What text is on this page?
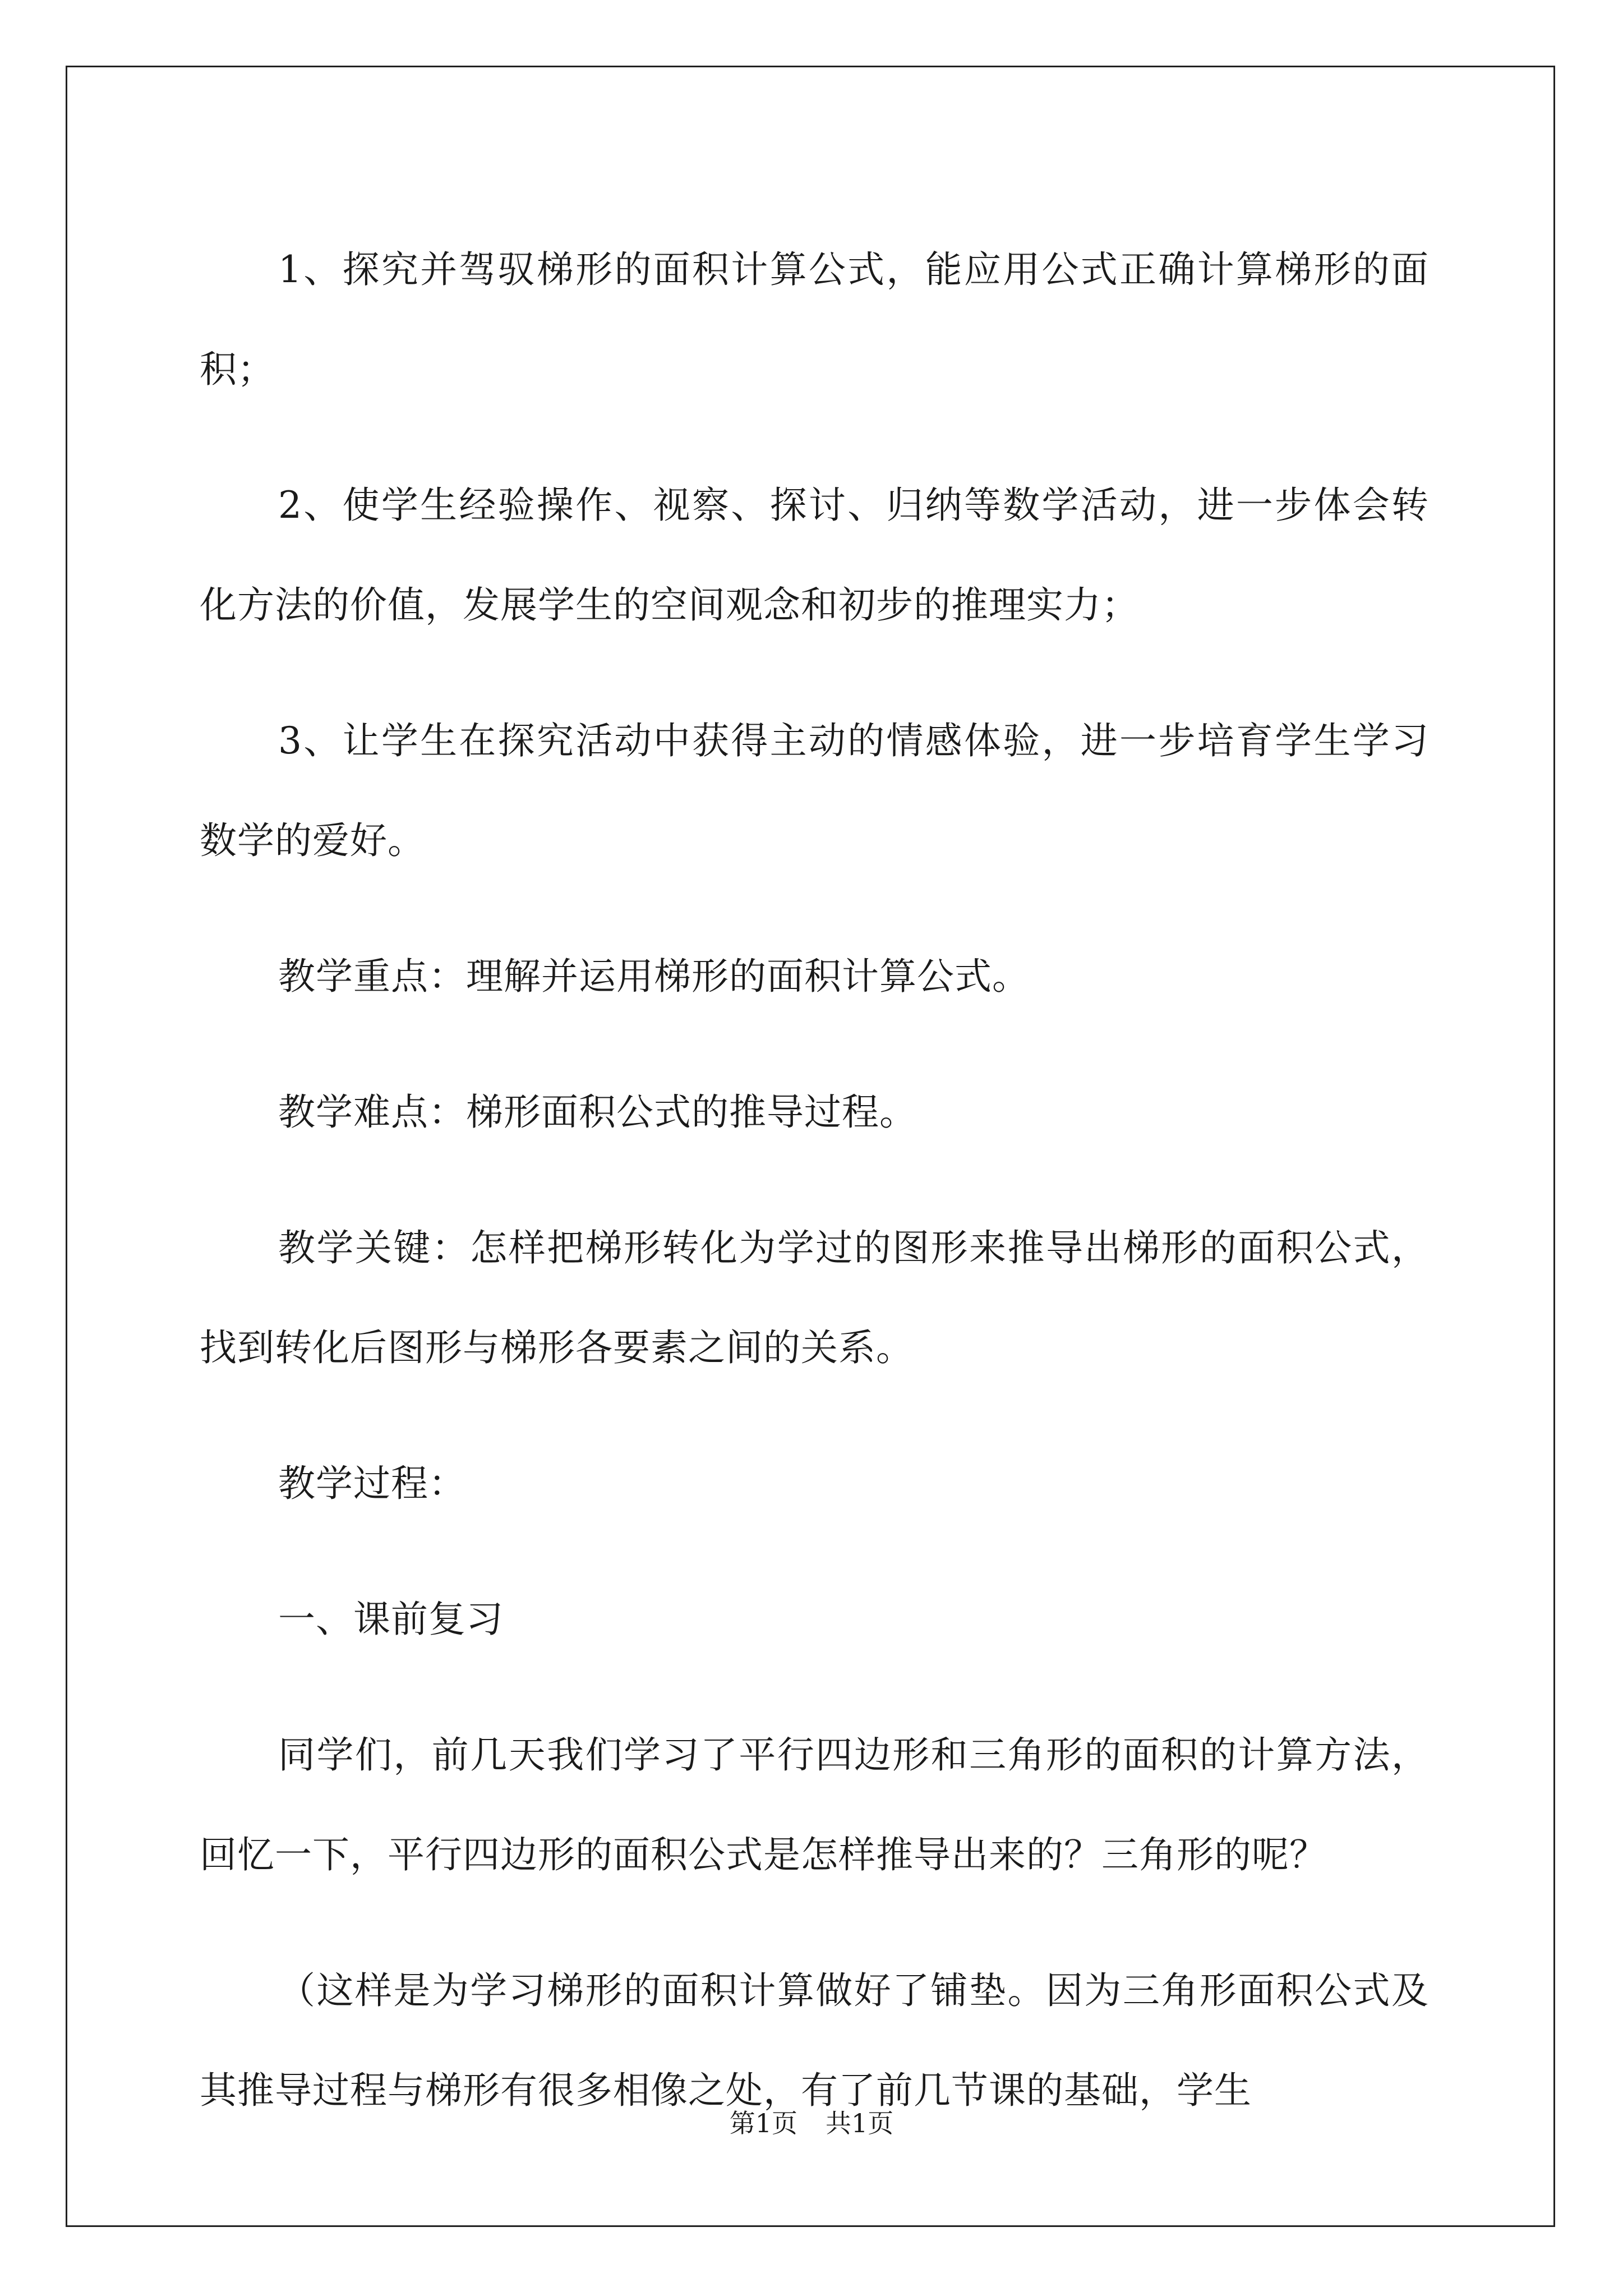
1、探究并驾驭梯形的面积计算公式，能应用公式正确计算梯形的面积；

2、使学生经验操作、视察、探讨、归纳等数学活动，进一步体会转化方法的价值，发展学生的空间观念和初步的推理实力；

3、让学生在探究活动中获得主动的情感体验，进一步培育学生学习数学的爱好。

教学重点：理解并运用梯形的面积计算公式。

教学难点：梯形面积公式的推导过程。

教学关键：怎样把梯形转化为学过的图形来推导出梯形的面积公式，找到转化后图形与梯形各要素之间的关系。

教学过程：

一、课前复习

同学们，前几天我们学习了平行四边形和三角形的面积的计算方法，回忆一下，平行四边形的面积公式是怎样推导出来的？三角形的呢？

（这样是为学习梯形的面积计算做好了铺垫。因为三角形面积公式及其推导过程与梯形有很多相像之处，有了前几节课的基础，学生

第1页 共1页
